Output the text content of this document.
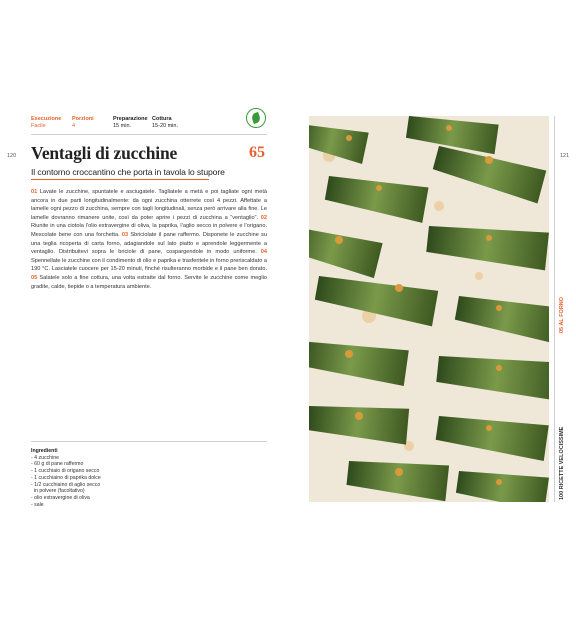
120
Esecuzione
Facile
Porzioni
4
Preparazione
15 min.
Cottura
15-20 min.
Ventagli di zucchine	65
Il contorno croccantino che porta in tavola lo stupore
01 Lavate le zucchine, spuntatele e asciugatele. Tagliatele a metà e poi tagliate ogni metà ancora in due parti longitudinalmente: da ogni zucchina otterrete così 4 pezzi. Affettate a lamelle ogni pezzo di zucchina, sempre con tagli longitudinali, senza però arrivare alla fine. Le lamelle dovranno rimanere unite, così da poter aprire i pezzi di zucchina a “ventaglio”. 02 Riunite in una ciotola l’olio extravergine di oliva, la paprika, l’aglio secco in polvere e l’origano. Mescolate bene con una forchetta. 03 Sbriciolate il pane raffermo. Disponete le zucchine su una teglia ricoperta di carta forno, adagiandole sul lato piatto e aprendole leggermente a ventaglio. Distribuitevi sopra le briciole di pane, cospargendole in modo uniforme. 04 Spennellate le zucchine con il condimento di olio e paprika e trasferitele in forno preriscaldato a 190 °C. Lasciatele cuocere per 15-20 minuti, finché risulteranno morbide e il pane ben dorato. 05 Salatele solo a fine cottura, una volta estratte dal forno. Servite le zucchine come meglio gradite, calde, tiepide o a temperatura ambiente.
Ingredienti
- 4 zucchine
- 60 g di pane raffermo
- 1 cucchiaio di origano secco
- 1 cucchiaino di paprika dolce
- 1/2 cucchiaino di aglio secco
in polvere (facoltativo)
- olio extravergine di oliva
- sale
121
05 AL FORNO
100 RICETTE VELOCISSIME
